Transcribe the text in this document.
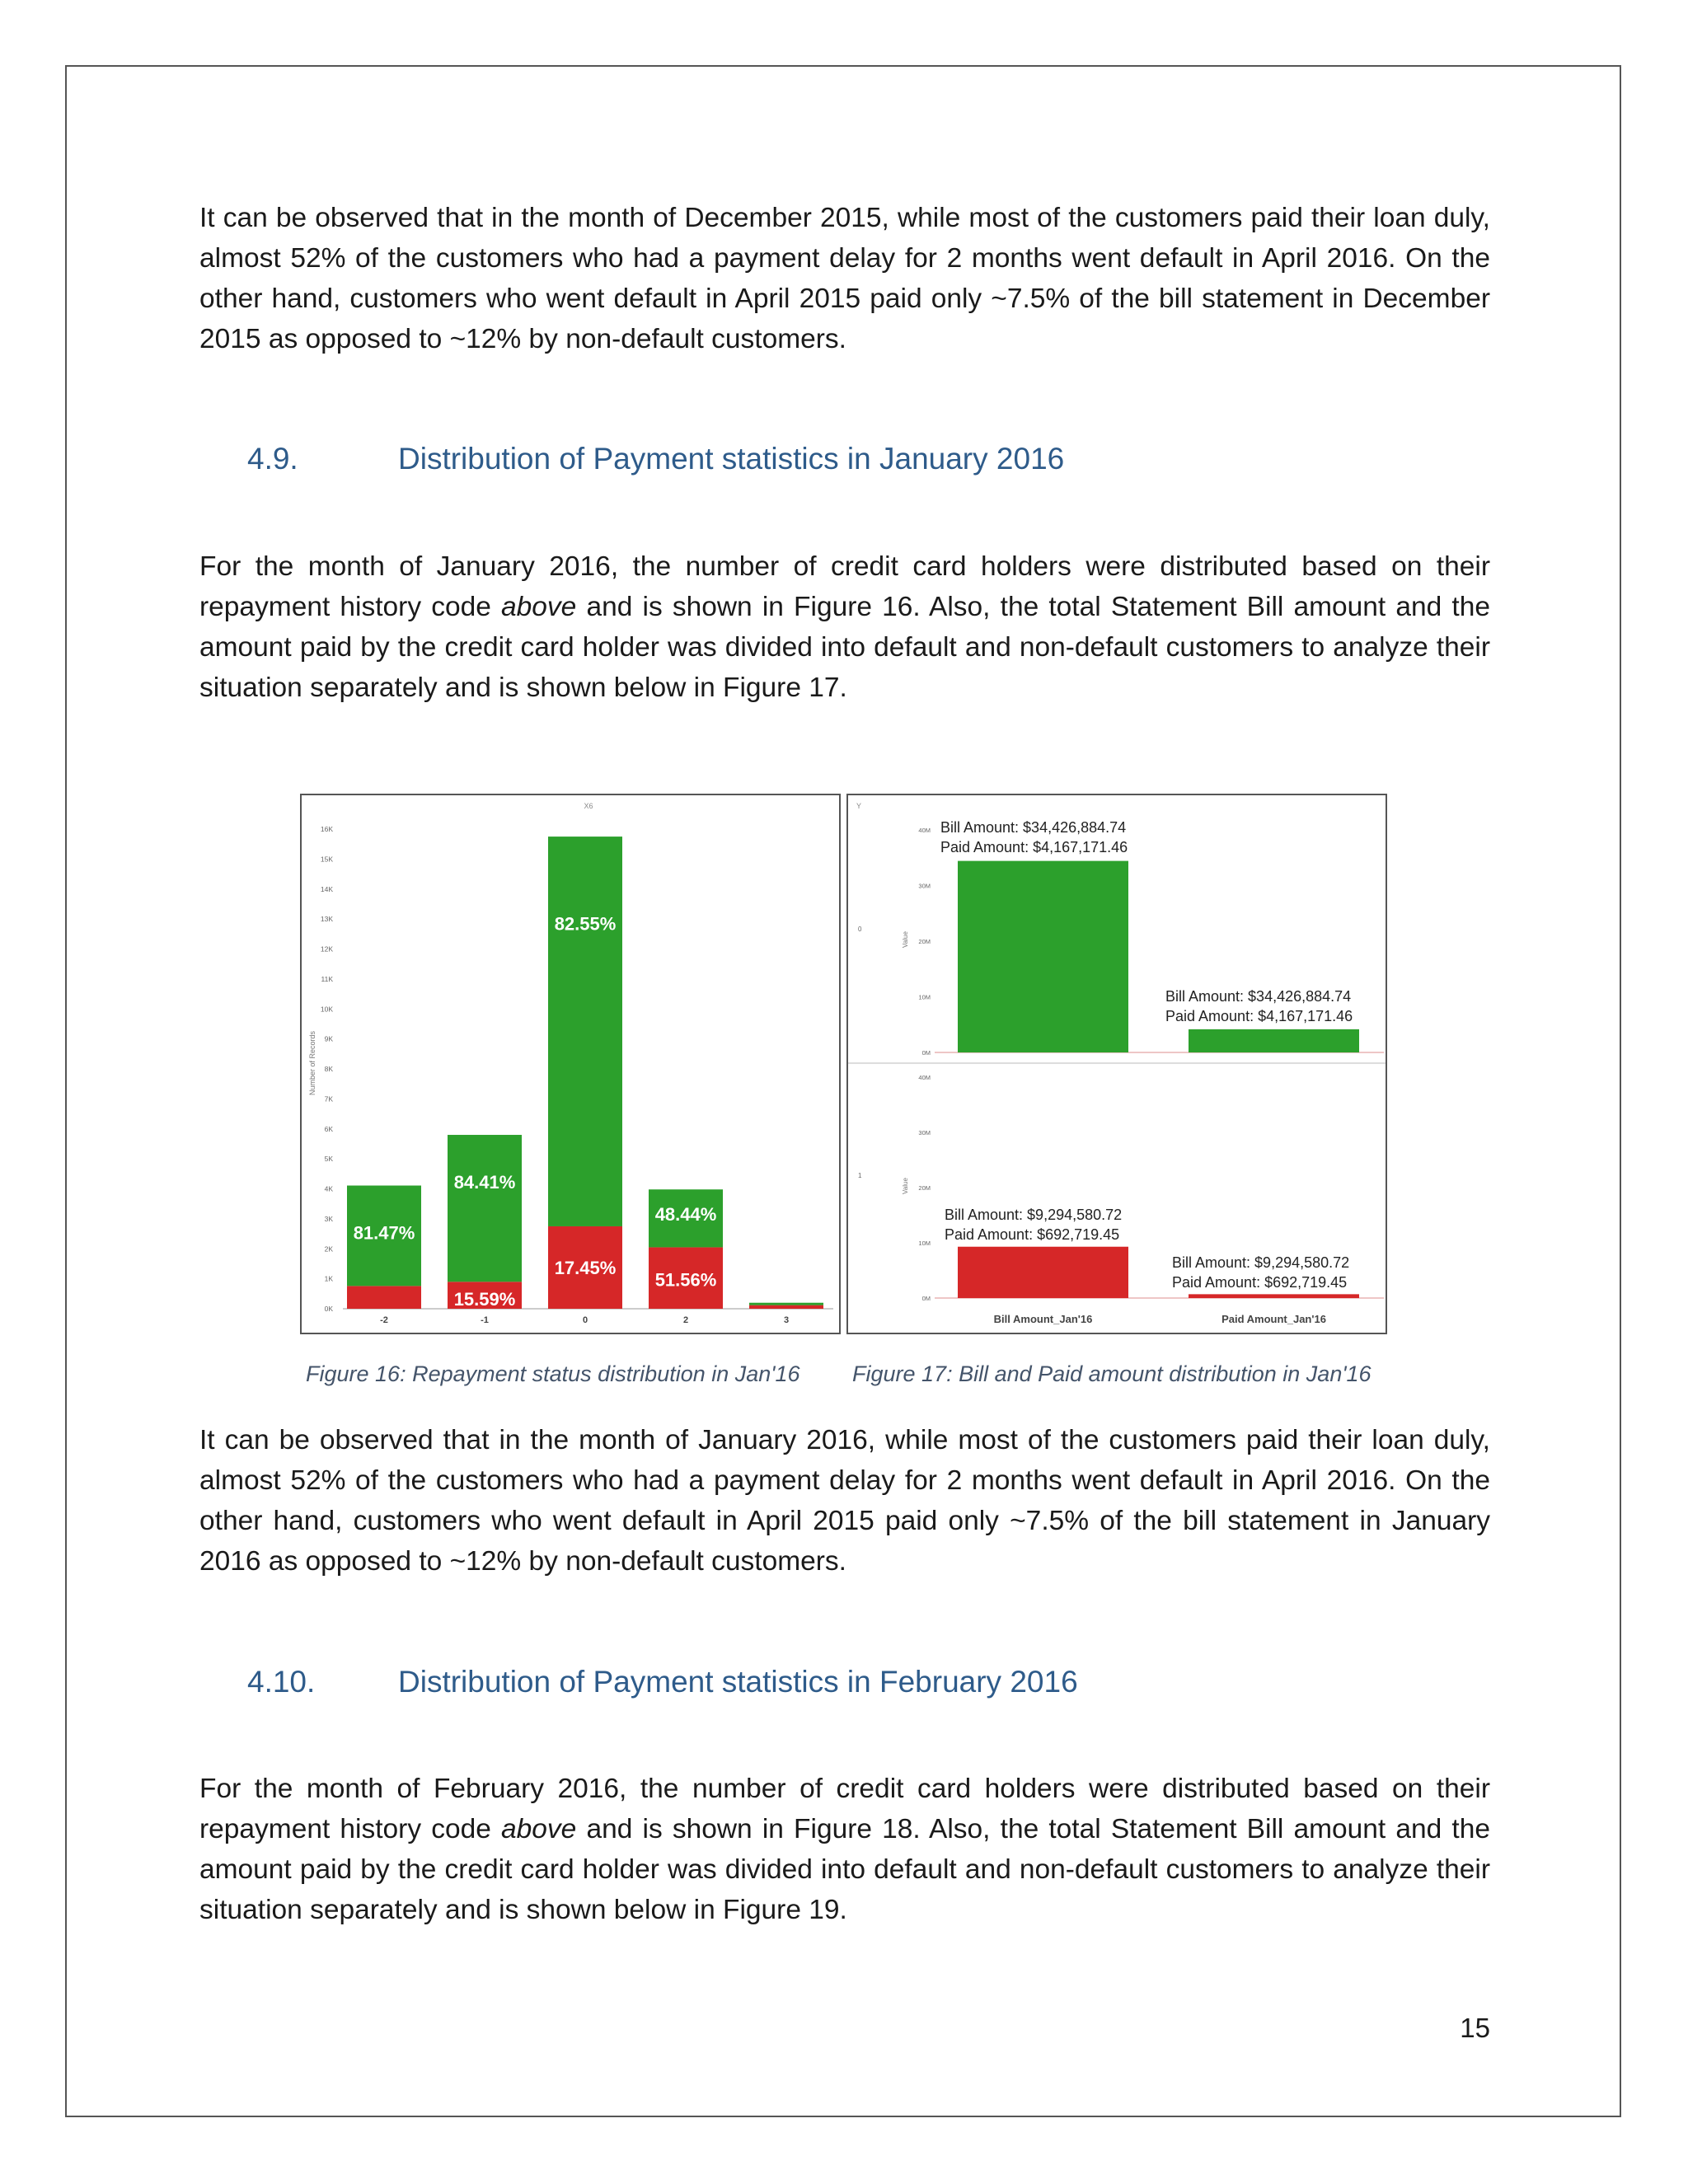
It can be observed that in the month of December 2015, while most of the customers paid their loan duly, almost 52% of the customers who had a payment delay for 2 months went default in April 2016. On the other hand, customers who went default in April 2015 paid only ~7.5% of the bill statement in December 2015 as opposed to ~12% by non-default customers.

4.9.	Distribution of Payment statistics in January 2016

For the month of January 2016, the number of credit card holders were distributed based on their repayment history code above and is shown in Figure 16. Also, the total Statement Bill amount and the amount paid by the credit card holder was divided into default and non-default customers to analyze their situation separately and is shown below in Figure 17.

X6
Number of Records
0K
1K
2K
3K
4K
5K
6K
7K
8K
9K
10K
11K
12K
13K
14K
15K
16K
-2
81.47%
-1
84.41%
15.59%
0
82.55%
17.45%
2
48.44%
51.56%
3
Y
0
Value
0M
10M
20M
30M
40M Bill Amount: $34,426,884.74
Paid Amount: $4,167,171.46
Bill Amount: $34,426,884.74
Paid Amount: $4,167,171.46
1
Value
0M
10M
20M
30M
40M
Bill Amount: $9,294,580.72
Paid Amount: $692,719.45
Bill Amount: $9,294,580.72
Paid Amount: $692,719.45
Bill Amount_Jan'16	Paid Amount_Jan'16

Figure 16: Repayment status distribution in Jan'16 Figure 17: Bill and Paid amount distribution in Jan'16

It can be observed that in the month of January 2016, while most of the customers paid their loan duly, almost 52% of the customers who had a payment delay for 2 months went default in April 2016. On the other hand, customers who went default in April 2015 paid only ~7.5% of the bill statement in January 2016 as opposed to ~12% by non-default customers.

4.10.	Distribution of Payment statistics in February 2016

For the month of February 2016, the number of credit card holders were distributed based on their repayment history code above and is shown in Figure 18. Also, the total Statement Bill amount and the amount paid by the credit card holder was divided into default and non-default customers to analyze their situation separately and is shown below in Figure 19.

15
